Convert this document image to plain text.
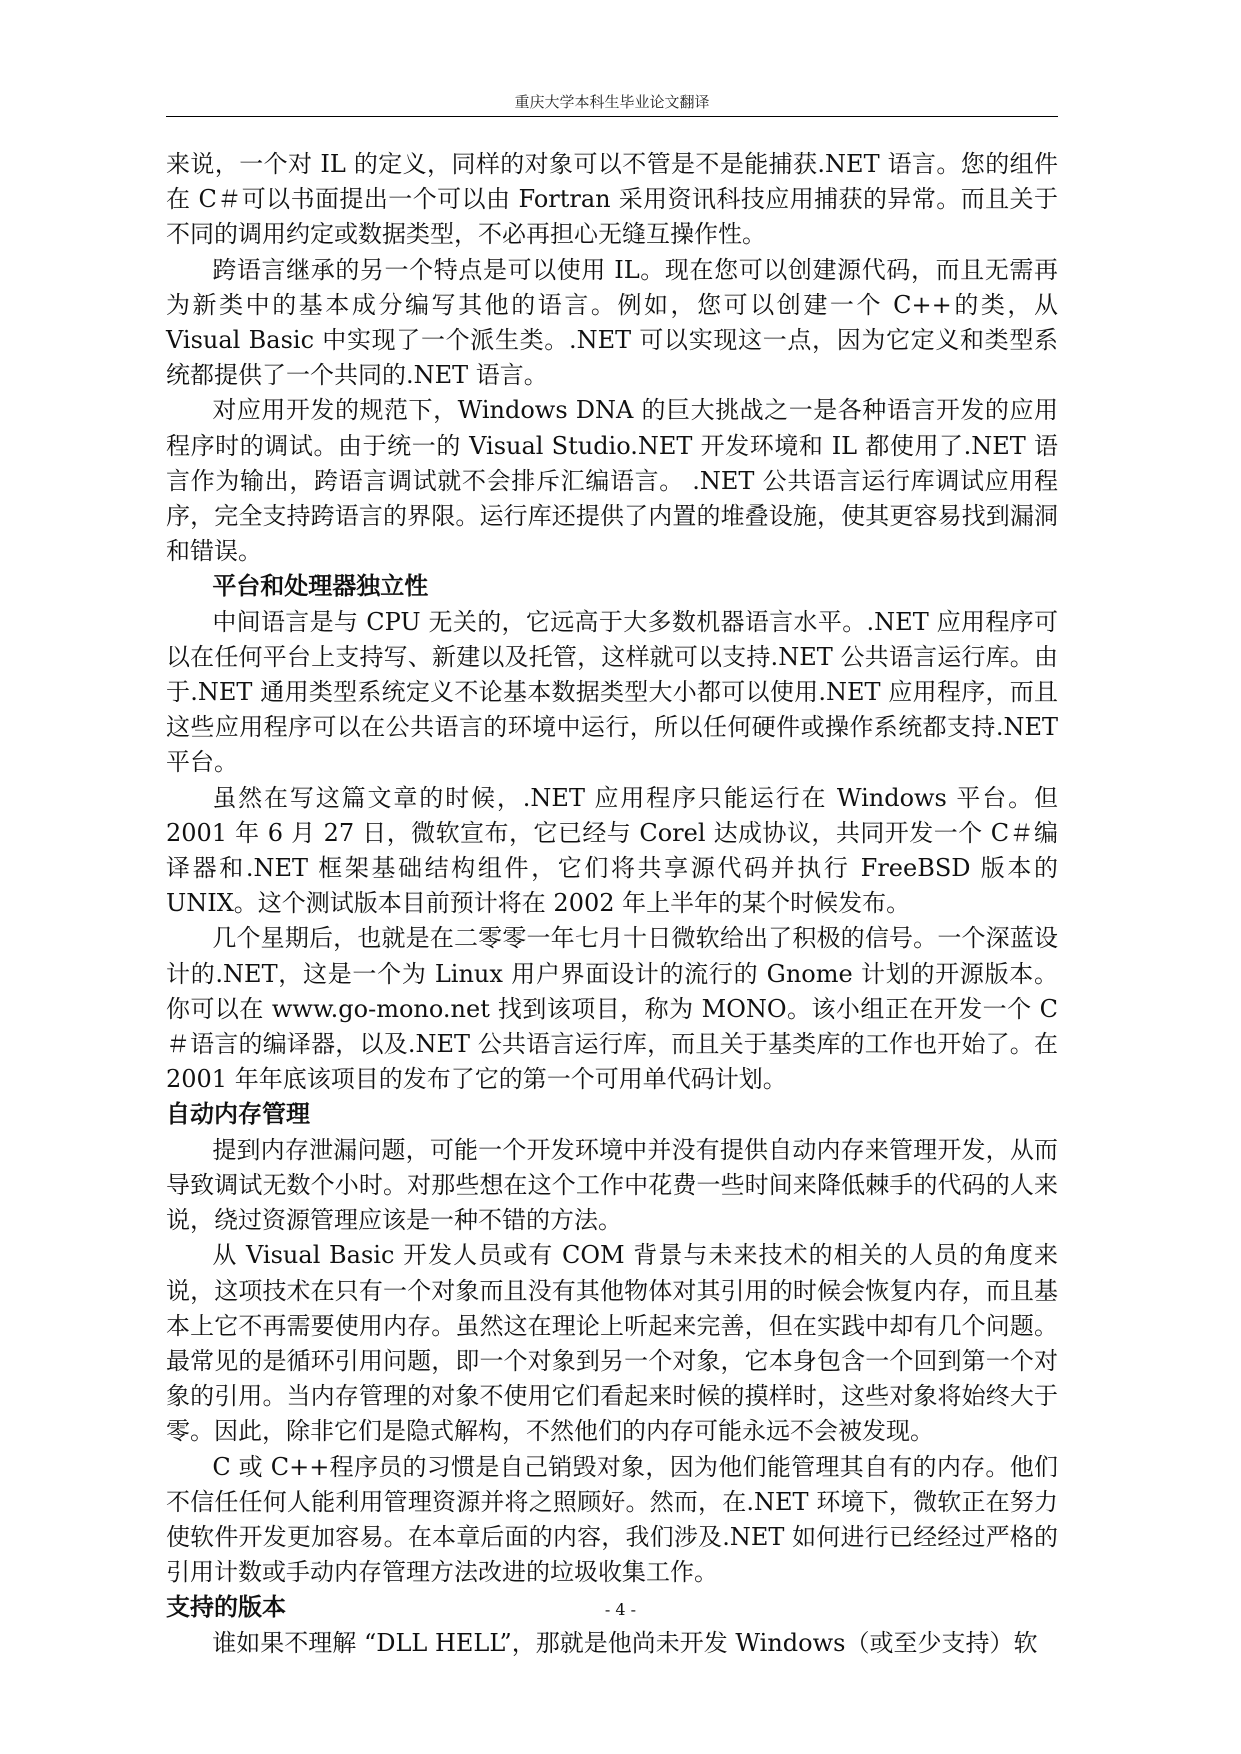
重庆大学本科生毕业论文翻译

来说，一个对 IL 的定义，同样的对象可以不管是不是能捕获.NET 语言。您的组件在 C＃可以书面提出一个可以由 Fortran 采用资讯科技应用捕获的异常。而且关于不同的调用约定或数据类型，不必再担心无缝互操作性。

跨语言继承的另一个特点是可以使用 IL。现在您可以创建源代码，而且无需再为新类中的基本成分编写其他的语言。例如，您可以创建一个 C++的类，从 Visual Basic 中实现了一个派生类。.NET 可以实现这一点，因为它定义和类型系统都提供了一个共同的.NET 语言。

对应用开发的规范下，Windows DNA 的巨大挑战之一是各种语言开发的应用程序时的调试。由于统一的 Visual Studio.NET 开发环境和 IL 都使用了.NET 语言作为输出，跨语言调试就不会排斥汇编语言。 .NET 公共语言运行库调试应用程序，完全支持跨语言的界限。运行库还提供了内置的堆叠设施，使其更容易找到漏洞和错误。

平台和处理器独立性

中间语言是与 CPU 无关的，它远高于大多数机器语言水平。.NET 应用程序可以在任何平台上支持写、新建以及托管，这样就可以支持.NET 公共语言运行库。由于.NET 通用类型系统定义不论基本数据类型大小都可以使用.NET 应用程序，而且这些应用程序可以在公共语言的环境中运行，所以任何硬件或操作系统都支持.NET 平台。

虽然在写这篇文章的时候，.NET 应用程序只能运行在 Windows 平台。但 2001 年 6 月 27 日，微软宣布，它已经与 Corel 达成协议，共同开发一个 C＃编译器和.NET 框架基础结构组件，它们将共享源代码并执行 FreeBSD 版本的 UNIX。这个测试版本目前预计将在 2002 年上半年的某个时候发布。

几个星期后，也就是在二零零一年七月十日微软给出了积极的信号。一个深蓝设计的.NET，这是一个为 Linux 用户界面设计的流行的 Gnome 计划的开源版本。你可以在 www.go-mono.net 找到该项目，称为 MONO。该小组正在开发一个 C＃语言的编译器，以及.NET 公共语言运行库，而且关于基类库的工作也开始了。在 2001 年年底该项目的发布了它的第一个可用单代码计划。

自动内存管理

提到内存泄漏问题，可能一个开发环境中并没有提供自动内存来管理开发，从而导致调试无数个小时。对那些想在这个工作中花费一些时间来降低棘手的代码的人来说，绕过资源管理应该是一种不错的方法。

从 Visual Basic 开发人员或有 COM 背景与未来技术的相关的人员的角度来说，这项技术在只有一个对象而且没有其他物体对其引用的时候会恢复内存，而且基本上它不再需要使用内存。虽然这在理论上听起来完善，但在实践中却有几个问题。最常见的是循环引用问题，即一个对象到另一个对象，它本身包含一个回到第一个对象的引用。当内存管理的对象不使用它们看起来时候的摸样时，这些对象将始终大于零。因此，除非它们是隐式解构，不然他们的内存可能永远不会被发现。

C 或 C++程序员的习惯是自己销毁对象，因为他们能管理其自有的内存。他们不信任任何人能利用管理资源并将之照顾好。然而，在.NET 环境下，微软正在努力使软件开发更加容易。在本章后面的内容，我们涉及.NET 如何进行已经经过严格的引用计数或手动内存管理方法改进的垃圾收集工作。

支持的版本

谁如果不理解 “DLL HELL”，那就是他尚未开发 Windows（或至少支持）软

- 4 -
